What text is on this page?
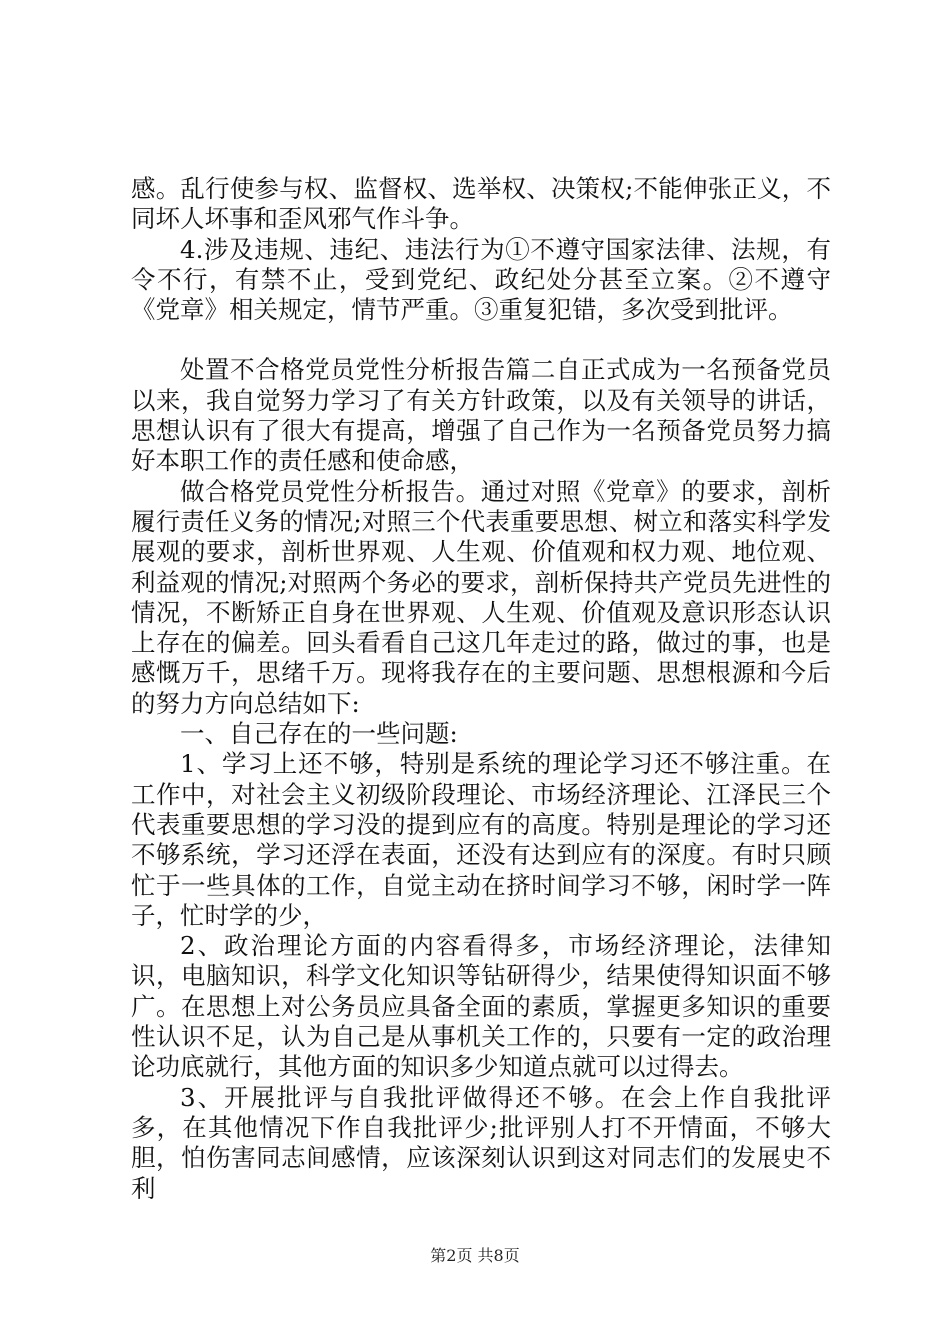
感。乱行使参与权、监督权、选举权、决策权;不能伸张正义，不同坏人坏事和歪风邪气作斗争。

4.涉及违规、违纪、违法行为①不遵守国家法律、法规，有令不行，有禁不止，受到党纪、政纪处分甚至立案。②不遵守《党章》相关规定，情节严重。③重复犯错，多次受到批评。

处置不合格党员党性分析报告篇二自正式成为一名预备党员以来，我自觉努力学习了有关方针政策，以及有关领导的讲话，思想认识有了很大有提高，增强了自己作为一名预备党员努力搞好本职工作的责任感和使命感，

做合格党员党性分析报告。通过对照《党章》的要求，剖析履行责任义务的情况;对照三个代表重要思想、树立和落实科学发展观的要求，剖析世界观、人生观、价值观和权力观、地位观、利益观的情况;对照两个务必的要求，剖析保持共产党员先进性的情况，不断矫正自身在世界观、人生观、价值观及意识形态认识上存在的偏差。回头看看自己这几年走过的路，做过的事，也是感慨万千，思绪千万。现将我存在的主要问题、思想根源和今后的努力方向总结如下:

一、自己存在的一些问题:

1、学习上还不够，特别是系统的理论学习还不够注重。在工作中，对社会主义初级阶段理论、市场经济理论、江泽民三个代表重要思想的学习没的提到应有的高度。特别是理论的学习还不够系统，学习还浮在表面，还没有达到应有的深度。有时只顾忙于一些具体的工作，自觉主动在挤时间学习不够，闲时学一阵子，忙时学的少，

2、政治理论方面的内容看得多，市场经济理论，法律知识，电脑知识，科学文化知识等钻研得少，结果使得知识面不够广。在思想上对公务员应具备全面的素质，掌握更多知识的重要性认识不足，认为自己是从事机关工作的，只要有一定的政治理论功底就行，其他方面的知识多少知道点就可以过得去。

3、开展批评与自我批评做得还不够。在会上作自我批评多，在其他情况下作自我批评少;批评别人打不开情面，不够大胆，怕伤害同志间感情，应该深刻认识到这对同志们的发展史不利

第2页 共8页
